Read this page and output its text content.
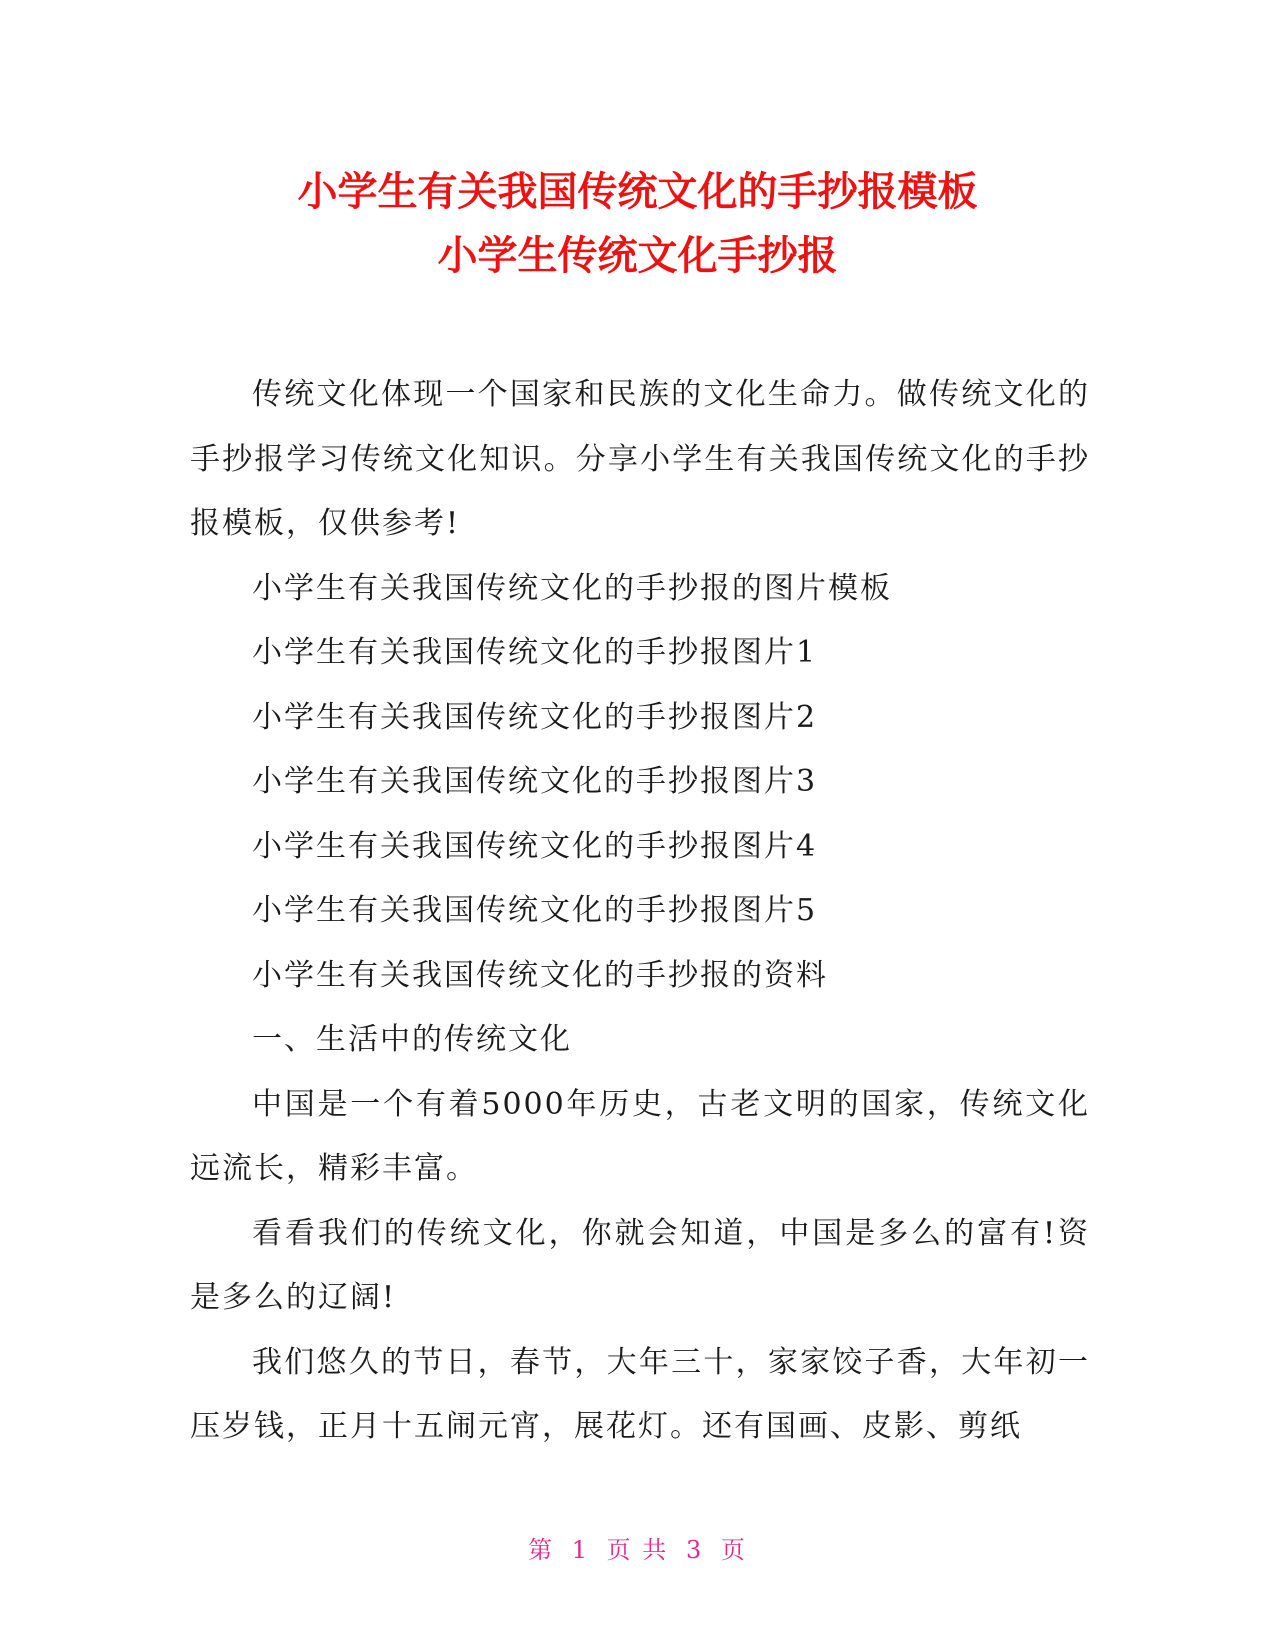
小学生有关我国传统文化的手抄报模板
小学生传统文化手抄报

传统文化体现一个国家和民族的文化生命力。做传统文化的手抄报学习传统文化知识。分享小学生有关我国传统文化的手抄报模板，仅供参考!

小学生有关我国传统文化的手抄报的图片模板

小学生有关我国传统文化的手抄报图片1

小学生有关我国传统文化的手抄报图片2

小学生有关我国传统文化的手抄报图片3

小学生有关我国传统文化的手抄报图片4

小学生有关我国传统文化的手抄报图片5

小学生有关我国传统文化的手抄报的资料

一、生活中的传统文化

中国是一个有着5000年历史，古老文明的国家，传统文化远流长，精彩丰富。

看看我们的传统文化，你就会知道，中国是多么的富有!资是多么的辽阔!

我们悠久的节日，春节，大年三十，家家饺子香，大年初一压岁钱，正月十五闹元宵，展花灯。还有国画、皮影、剪纸

第 1 页 共 3 页
